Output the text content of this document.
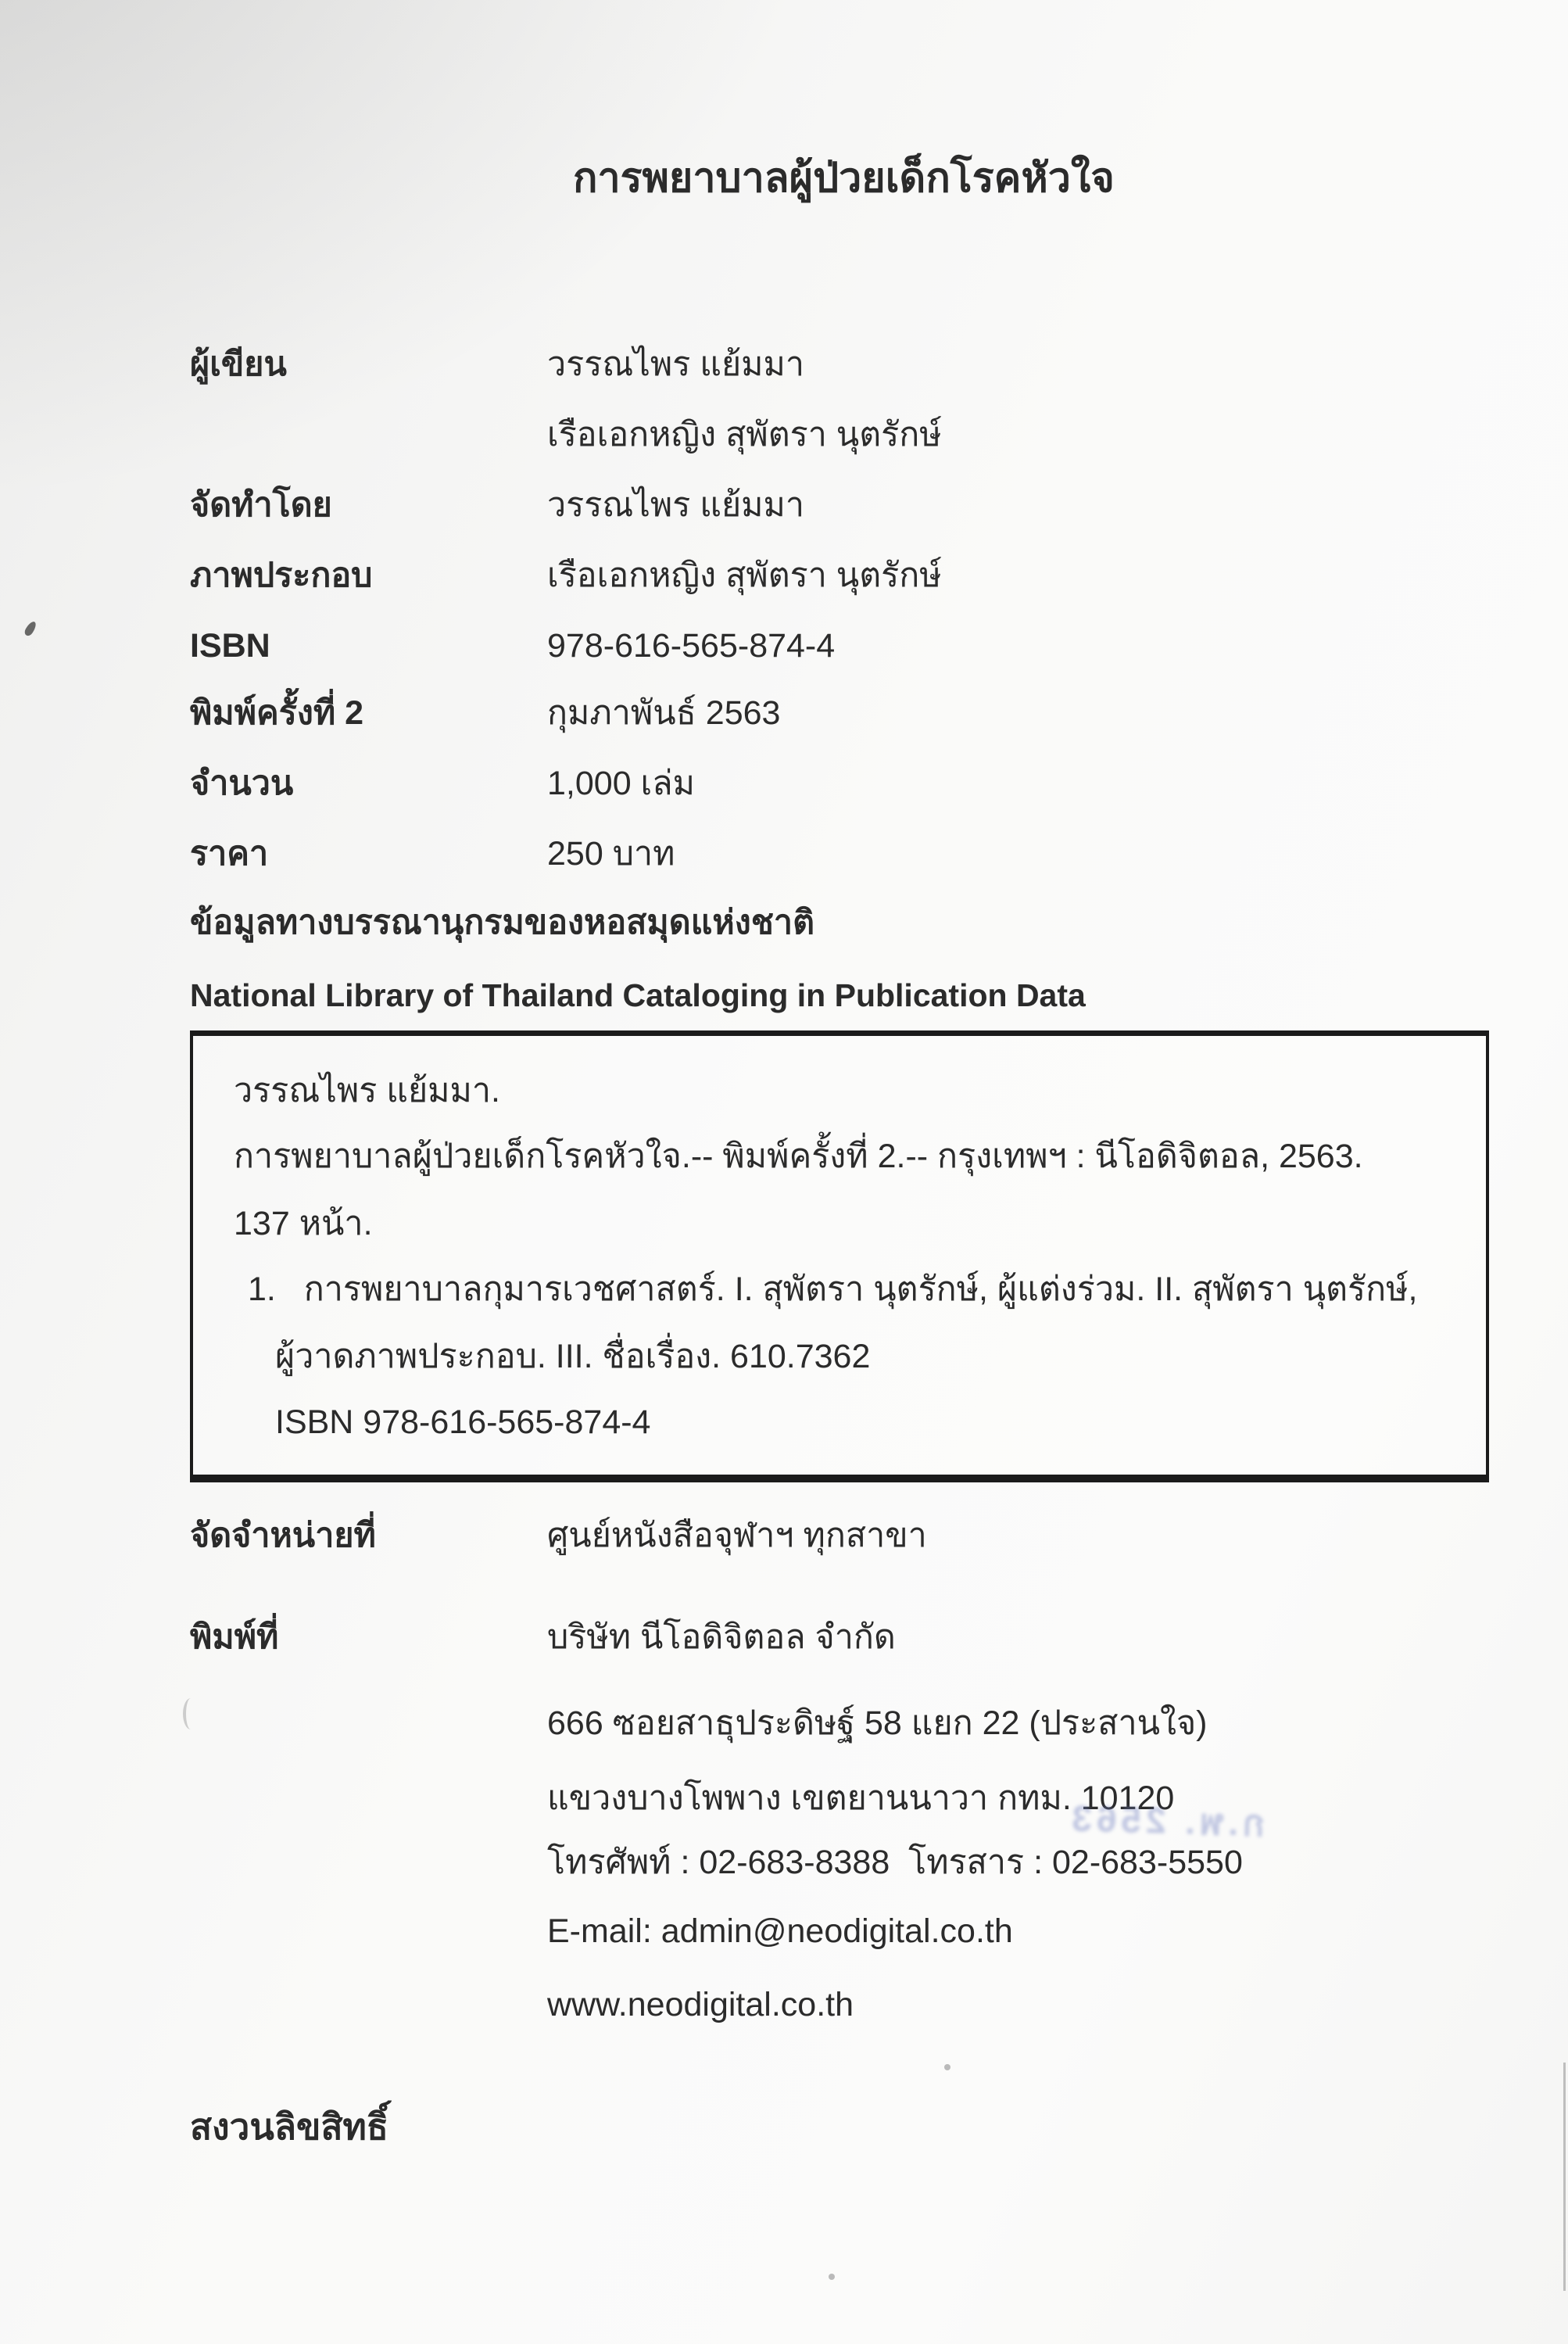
การพยาบาลผู้ป่วยเด็กโรคหัวใจ
ผู้เขียน	วรรณไพร แย้มมา
เรือเอกหญิง สุพัตรา นุตรักษ์
จัดทำโดย	วรรณไพร แย้มมา
ภาพประกอบ	เรือเอกหญิง สุพัตรา นุตรักษ์
ISBN	978-616-565-874-4
พิมพ์ครั้งที่ 2	กุมภาพันธ์ 2563
จำนวน	1,000 เล่ม
ราคา	250 บาท
ข้อมูลทางบรรณานุกรมของหอสมุดแห่งชาติ
National Library of Thailand Cataloging in Publication Data
วรรณไพร แย้มมา.
การพยาบาลผู้ป่วยเด็กโรคหัวใจ.-- พิมพ์ครั้งที่ 2.-- กรุงเทพฯ : นีโอดิจิตอล, 2563.
137 หน้า.
1.   การพยาบาลกุมารเวชศาสตร์. I. สุพัตรา นุตรักษ์, ผู้แต่งร่วม. II. สุพัตรา นุตรักษ์,
ผู้วาดภาพประกอบ. III. ชื่อเรื่อง. 610.7362
ISBN 978-616-565-874-4
จัดจำหน่ายที่	ศูนย์หนังสือจุฬาฯ ทุกสาขา
พิมพ์ที่	บริษัท นีโอดิจิตอล จำกัด
666 ซอยสาธุประดิษฐ์ 58 แยก 22 (ประสานใจ)
แขวงบางโพพาง เขตยานนาวา กทม. 10120
ก.พ. 2563
โทรศัพท์ : 02-683-8388  โทรสาร : 02-683-5550
E-mail: admin@neodigital.co.th
www.neodigital.co.th
สงวนลิขสิทธิ์
